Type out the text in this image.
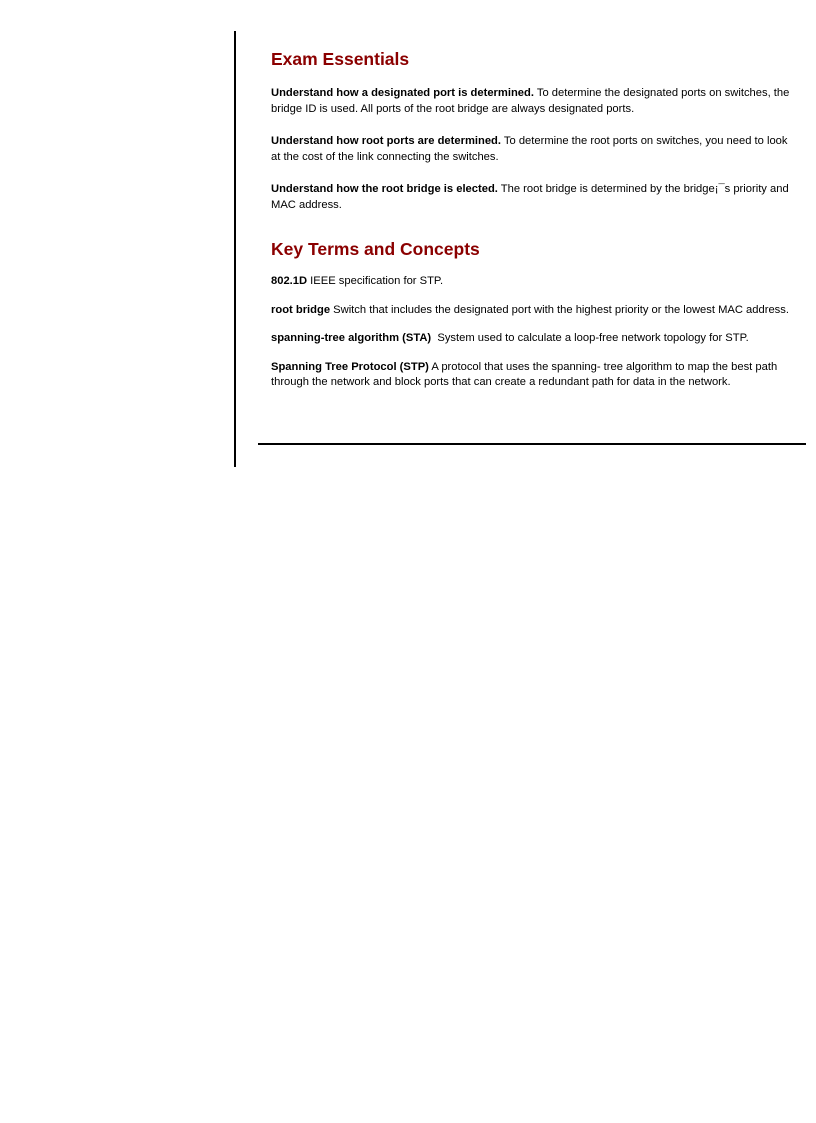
Exam Essentials

Understand how a designated port is determined. To determine the designated ports on switches, the bridge ID is used. All ports of the root bridge are always designated ports.

Understand how root ports are determined. To determine the root ports on switches, you need to look at the cost of the link connecting the switches.

Understand how the root bridge is elected. The root bridge is determined by the bridge¡¯s priority and MAC address.

Key Terms and Concepts

802.1D IEEE specification for STP.

root bridge Switch that includes the designated port with the highest priority or the lowest MAC address.

spanning-tree algorithm (STA)  System used to calculate a loop-free network topology for STP.

Spanning Tree Protocol (STP) A protocol that uses the spanning- tree algorithm to map the best path through the network and block ports that can create a redundant path for data in the network.
